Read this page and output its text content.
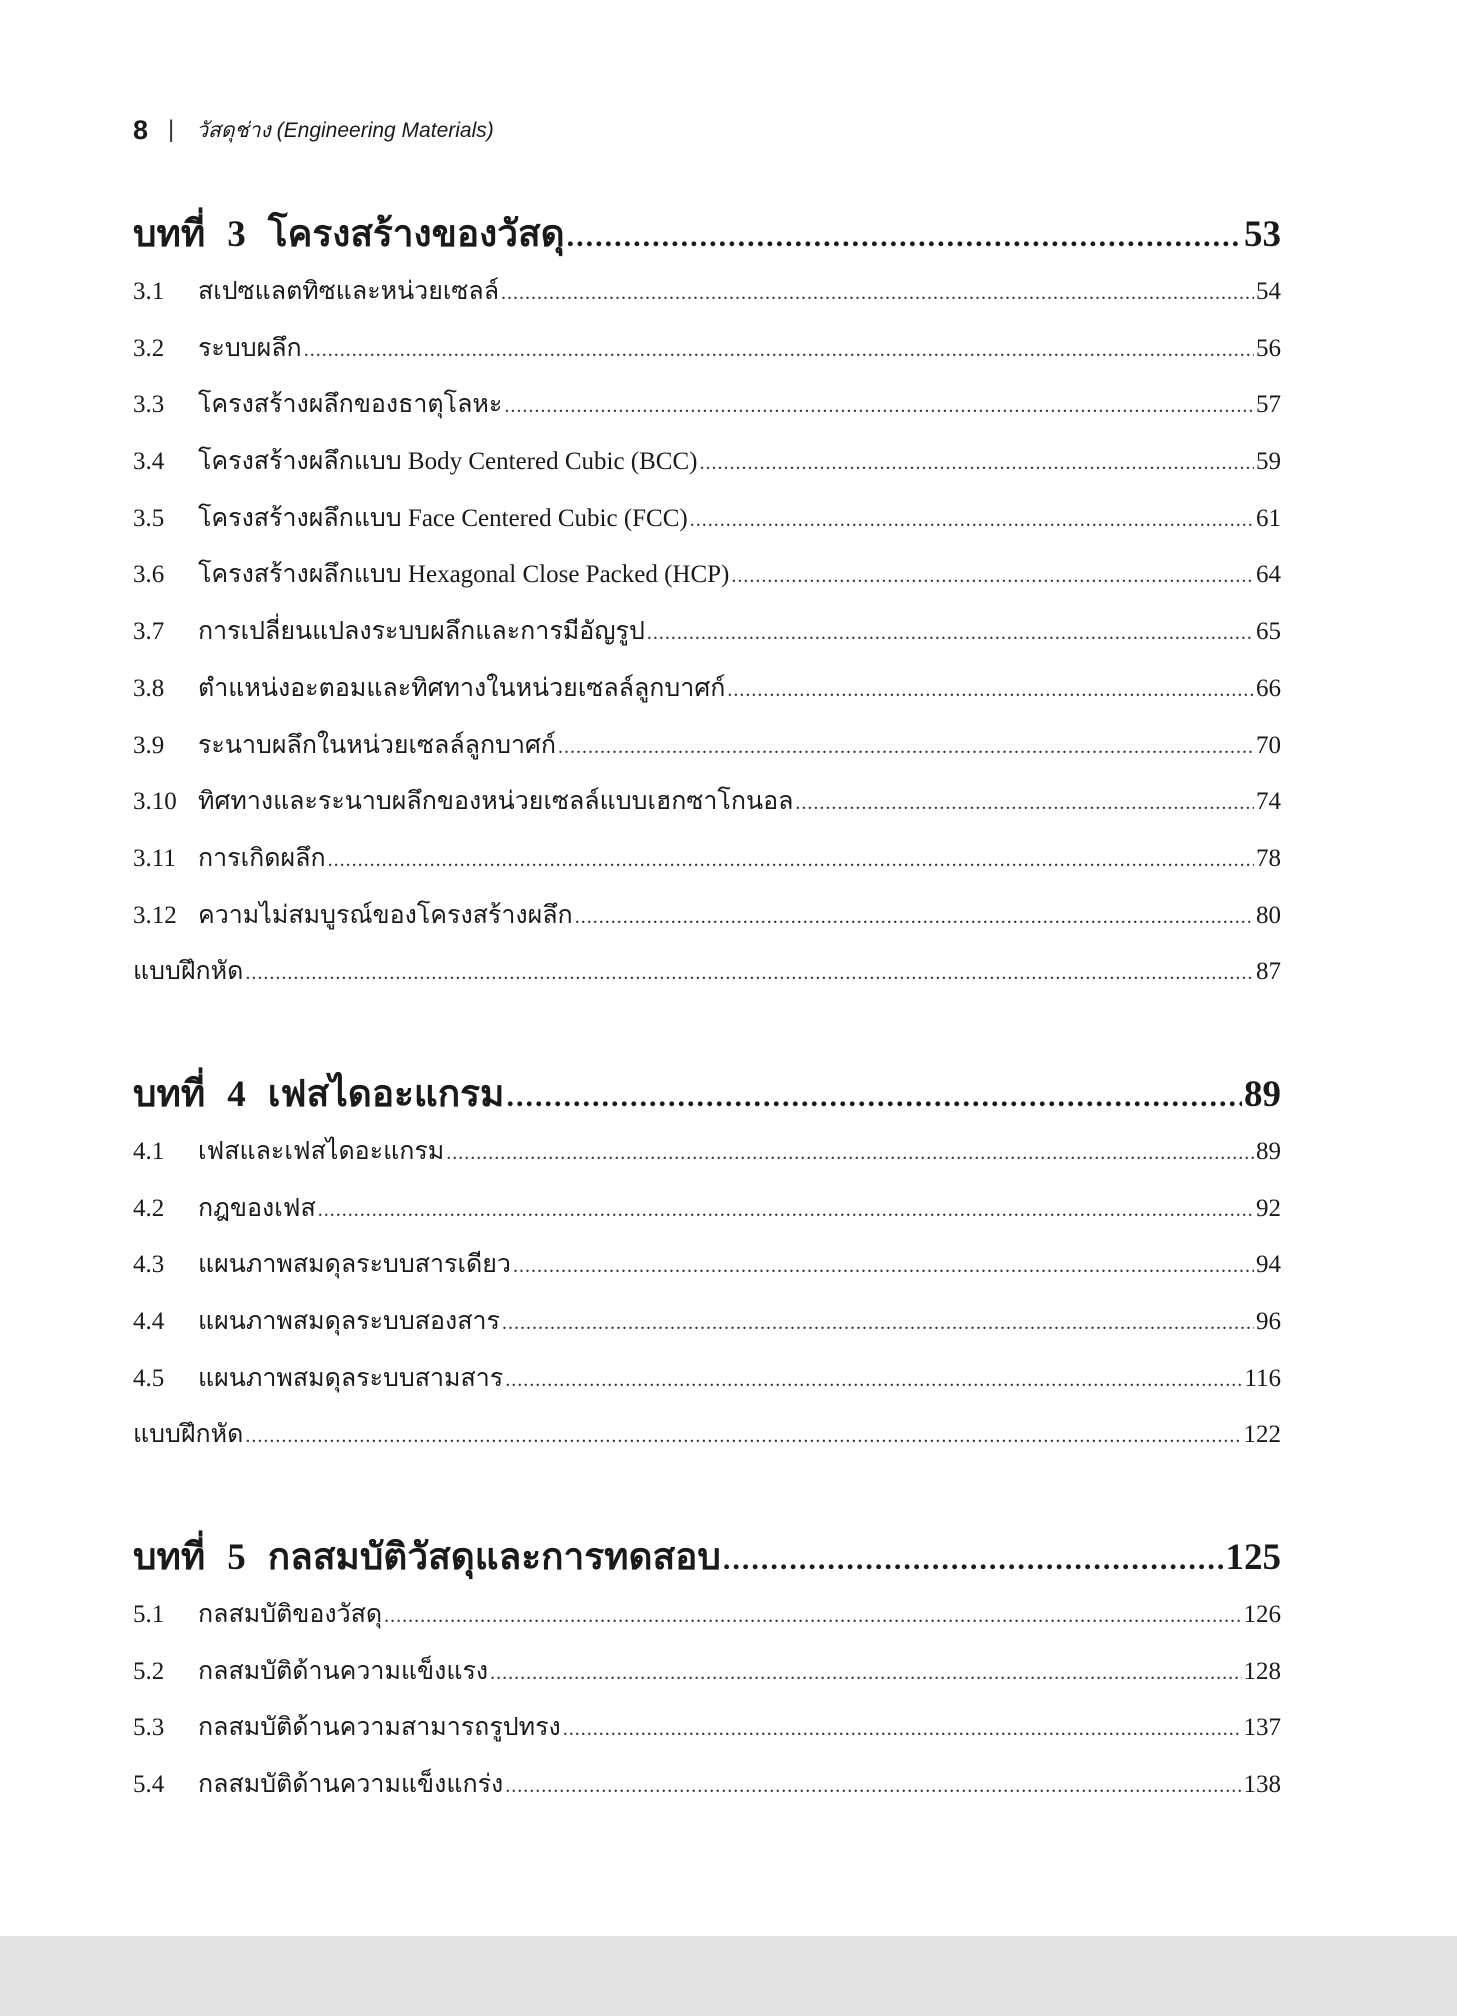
8 | วัสดุช่าง (Engineering Materials)
บทที่ 3 โครงสร้างของวัสดุ .....	53
3.1	สเปซแลตทิซและหน่วยเซลล์ .....	54
3.2	ระบบผลึก .....	56
3.3	โครงสร้างผลึกของธาตุโลหะ .....	57
3.4	โครงสร้างผลึกแบบ Body Centered Cubic (BCC) .....	59
3.5	โครงสร้างผลึกแบบ Face Centered Cubic (FCC) .....	61
3.6	โครงสร้างผลึกแบบ Hexagonal Close Packed (HCP) .....	64
3.7	การเปลี่ยนแปลงระบบผลึกและการมีอัญรูป .....	65
3.8	ตำแหน่งอะตอมและทิศทางในหน่วยเซลล์ลูกบาศก์ .....	66
3.9	ระนาบผลึกในหน่วยเซลล์ลูกบาศก์ .....	70
3.10 ทิศทางและระนาบผลึกของหน่วยเซลล์แบบเฮกซาโกนอล .....	74
3.11 การเกิดผลึก .....	78
3.12 ความไม่สมบูรณ์ของโครงสร้างผลึก .....	80
แบบฝึกหัด .....	87
บทที่ 4 เฟสไดอะแกรม .....	89
4.1	เฟสและเฟสไดอะแกรม .....	89
4.2	กฎของเฟส .....	92
4.3	แผนภาพสมดุลระบบสารเดียว .....	94
4.4	แผนภาพสมดุลระบบสองสาร .....	96
4.5	แผนภาพสมดุลระบบสามสาร .....	116
แบบฝึกหัด .....	122
บทที่ 5 กลสมบัติวัสดุและการทดสอบ .....	125
5.1	กลสมบัติของวัสดุ .....	126
5.2	กลสมบัติด้านความแข็งแรง .....	128
5.3	กลสมบัติด้านความสามารถรูปทรง .....	137
5.4	กลสมบัติด้านความแข็งแกร่ง .....	138
